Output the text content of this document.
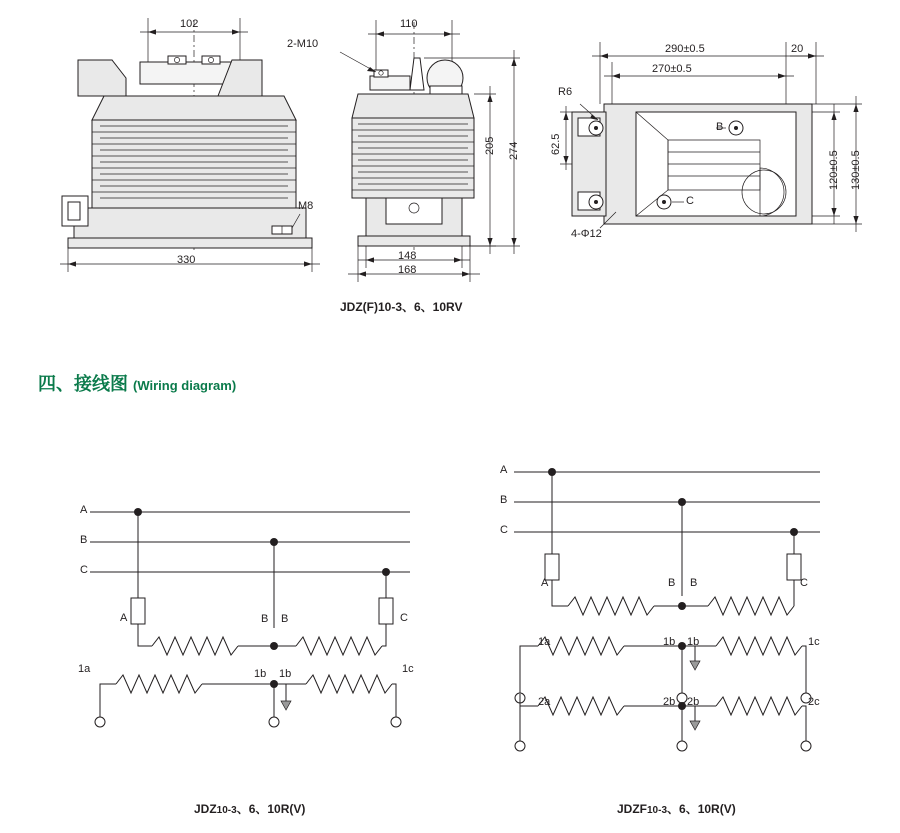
102
330
M8
110
2-M10
148
168
205 274
290±0.5
270±0.5
20
R6
62.5
120±0.5 130±0.5
4-Φ12
B
C
JDZ(F)10-3、6、10RV
四、接线图 (Wiring diagram)
A
B
C
A	B B	C
1a	1b 1b	1c
JDZ10-3、6、10R(V)
A
B
C
A	B B	C
1a	1b 1b	1c
2a	2b 2b	2c
JDZF10-3、6、10R(V)
